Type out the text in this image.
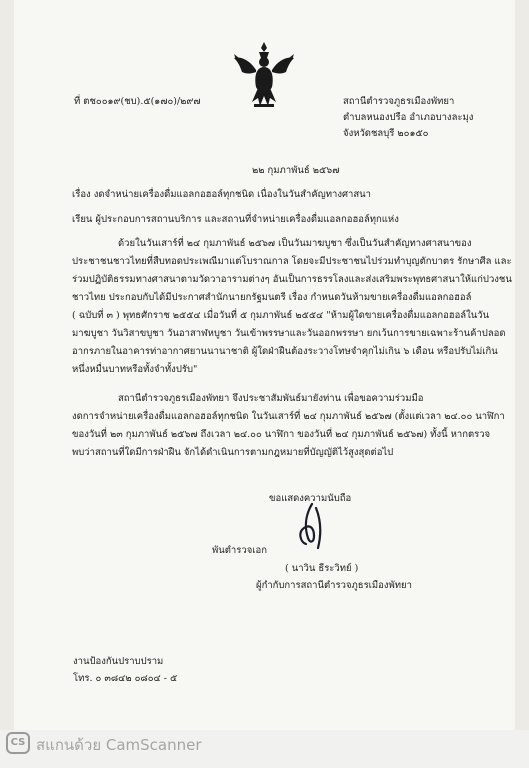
ที่ ตช๐๐๑๙(ชบ).๕(๑๗๐)/๒๙๗	สถานีตำรวจภูธรเมืองพัทยา
ตำบลหนองปรือ อำเภอบางละมุง
จังหวัดชลบุรี ๒๐๑๕๐
๒๒ กุมภาพันธ์ ๒๕๖๗
เรื่อง งดจำหน่ายเครื่องดื่มแอลกอฮอล์ทุกชนิด เนื่องในวันสำคัญทางศาสนา
เรียน ผู้ประกอบการสถานบริการ และสถานที่จำหน่ายเครื่องดื่มแอลกอฮอล์ทุกแห่ง
ด้วยในวันเสาร์ที่ ๒๔ กุมภาพันธ์ ๒๕๖๗ เป็นวันมาฆบูชา ซึ่งเป็นวันสำคัญทางศาสนาของ
ประชาชนชาวไทยที่สืบทอดประเพณีมาแต่โบราณกาล โดยจะมีประชาชนไปร่วมทำบุญตักบาตร รักษาศีล และ
ร่วมปฏิบัติธรรมทางศาสนาตามวัดวาอารามต่างๆ อันเป็นการธรรโลงและส่งเสริมพระพุทธศาสนาให้แก่ปวงชน
ชาวไทย ประกอบกับได้มีประกาศสำนักนายกรัฐมนตรี เรื่อง กำหนดวันห้ามขายเครื่องดื่มแอลกอฮอล์
( ฉบับที่ ๓ ) พุทธศักราช ๒๕๕๔ เมื่อวันที่ ๕ กุมภาพันธ์ ๒๕๕๔ "ห้ามผู้ใดขายเครื่องดื่มแอลกอฮอล์ในวัน
มาฆบูชา วันวิสาขบูชา วันอาสาฬหบูชา วันเข้าพรรษาและวันออกพรรษา ยกเว้นการขายเฉพาะร้านค้าปลอด
อากรภายในอาคารท่าอากาศยานนานาชาติ ผู้ใดฝ่าฝืนต้องระวางโทษจำคุกไม่เกิน ๖ เดือน หรือปรับไม่เกิน
หนึ่งหมื่นบาทหรือทั้งจำทั้งปรับ"
สถานีตำรวจภูธรเมืองพัทยา จึงประชาสัมพันธ์มายังท่าน เพื่อขอความร่วมมือ
งดการจำหน่ายเครื่องดื่มแอลกอฮอล์ทุกชนิด ในวันเสาร์ที่ ๒๔ กุมภาพันธ์ ๒๕๖๗ (ตั้งแต่เวลา ๒๔.๐๐ นาฬิกา
ของวันที่ ๒๓ กุมภาพันธ์ ๒๕๖๗ ถึงเวลา ๒๔.๐๐ นาฬิกา ของวันที่ ๒๔ กุมภาพันธ์ ๒๕๖๗) ทั้งนี้ หากตรวจ
พบว่าสถานที่ใดมีการฝ่าฝืน จักได้ดำเนินการตามกฎหมายที่บัญญัติไว้สูงสุดต่อไป
ขอแสดงความนับถือ
พันตำรวจเอก
( นาวิน ธีระวิทย์ )
ผู้กำกับการสถานีตำรวจภูธรเมืองพัทยา
งานป้องกันปราบปราม
โทร. ๐ ๓๘๔๒ ๐๘๐๔ - ๕
CS สแกนด้วย CamScanner
